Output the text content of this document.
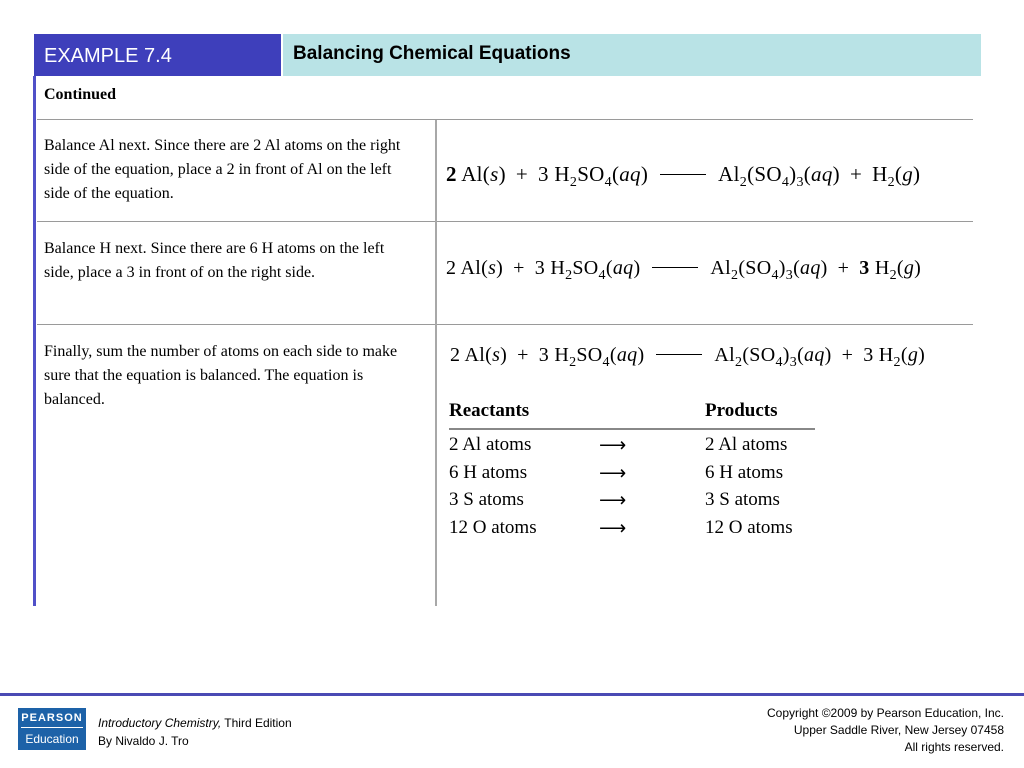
EXAMPLE 7.4	Balancing Chemical Equations
Continued
Balance Al next. Since there are 2 Al atoms on the right side of the equation, place a 2 in front of Al on the left side of the equation.
2 Al(s) + 3 $H_2SO_4(aq)$	$Al_2(SO_4)_3(aq) + H_2(g)$
Balance H next. Since there are 6 H atoms on the left side, place a 3 in front of on the right side.	2 Al(s) + 3 $H_2SO_4(aq)$	$Al_2(SO_4)_3(aq) + 3$ $H_2(g)$
Finally, sum the number of atoms on each side to make sure that the equation is balanced. The equation is balanced.
2 Al(s) + 3 $H_2SO_4(aq)$	$Al_2(SO_4)_3(aq) + 3$ $H_2(g)$
Reactants	Products
2 Al atoms	⟶	2 Al atoms
6 H atoms	⟶	6 H atoms
3 S atoms	⟶	3 S atoms
12 O atoms	⟶	12 O atoms
PEARSON
Education
Introductory Chemistry, Third Edition
By Nivaldo J. Tro
Copyright ©2009 by Pearson Education, Inc.
Upper Saddle River, New Jersey 07458
All rights reserved.
